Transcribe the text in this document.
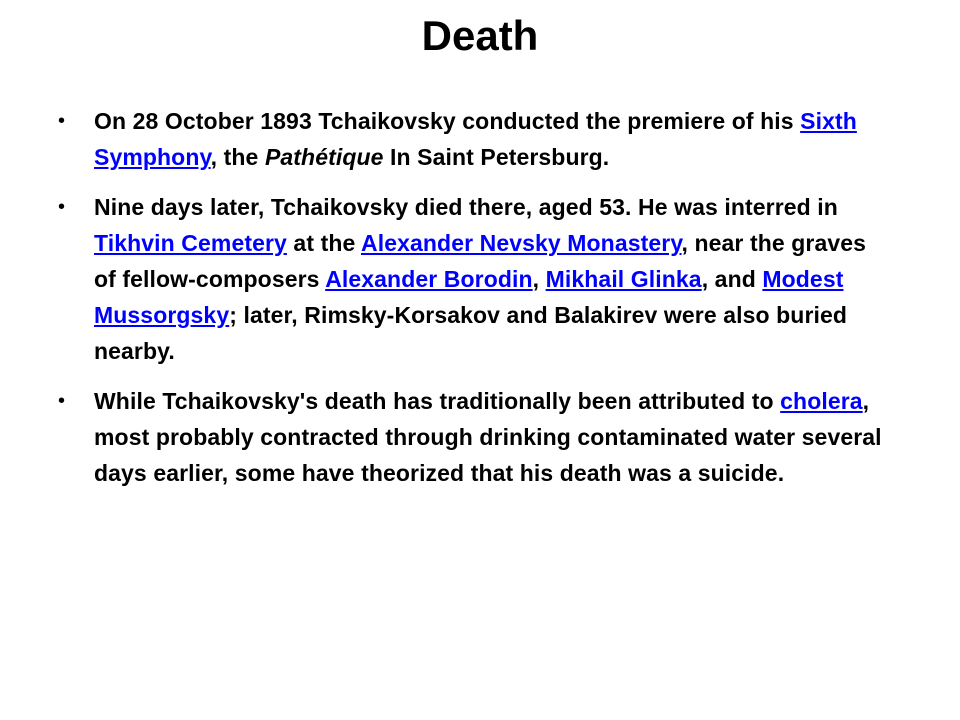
Death
• On 28 October 1893 Tchaikovsky conducted the premiere of his Sixth Symphony, the Pathétique In Saint Petersburg.
• Nine days later, Tchaikovsky died there, aged 53. He was interred in Tikhvin Cemetery at the Alexander Nevsky Monastery, near the graves of fellow-composers Alexander Borodin, Mikhail Glinka, and Modest Mussorgsky; later, Rimsky-Korsakov and Balakirev were also buried nearby.
• While Tchaikovsky's death has traditionally been attributed to cholera, most probably contracted through drinking contaminated water several days earlier, some have theorized that his death was a suicide.
